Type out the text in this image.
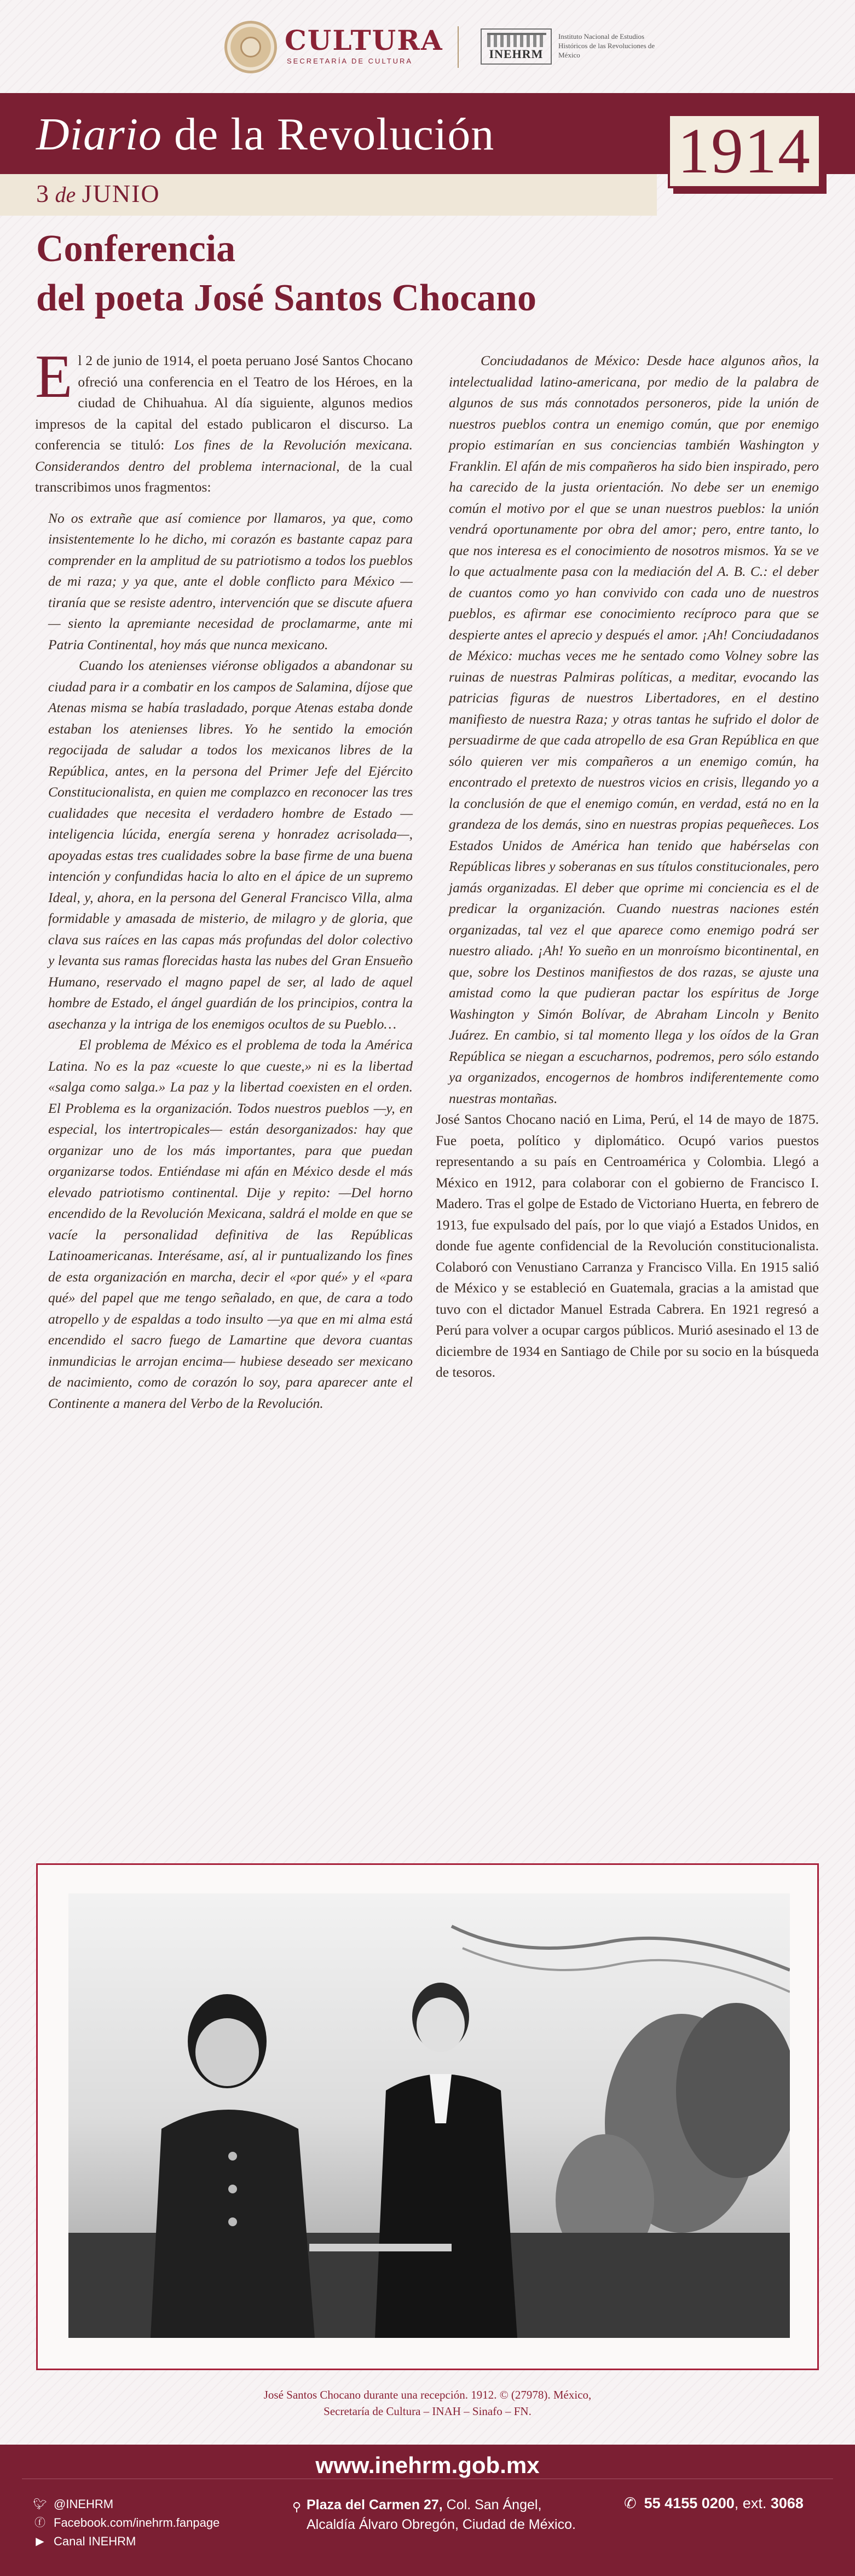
CULTURA
SECRETARÍA DE CULTURA
INEHRM
Instituto Nacional de Estudios Históricos de las Revoluciones de México
Diario de la Revolución
3 de JUNIO
1914
Conferencia
del poeta José Santos Chocano

El 2 de junio de 1914, el poeta peruano José Santos Chocano ofreció una conferencia en el Teatro de los Héroes, en la ciudad de Chihuahua. Al día siguiente, algunos medios impresos de la capital del estado publicaron el discurso. La conferencia se tituló: Los fines de la Revolución mexicana. Considerandos dentro del problema internacional, de la cual transcribimos unos fragmentos:

No os extrañe que así comience por llamaros, ya que, como insistentemente lo he dicho, mi corazón es bastante capaz para comprender en la amplitud de su patriotismo a todos los pueblos de mi raza; y ya que, ante el doble conflicto para México —tiranía que se resiste adentro, intervención que se discute afuera— siento la apremiante necesidad de proclamarme, ante mi Patria Continental, hoy más que nunca mexicano.

Cuando los atenienses viéronse obligados a abandonar su ciudad para ir a combatir en los campos de Salamina, díjose que Atenas misma se había trasladado, porque Atenas estaba donde estaban los atenienses libres. Yo he sentido la emoción regocijada de saludar a todos los mexicanos libres de la República, antes, en la persona del Primer Jefe del Ejército Constitucionalista, en quien me complazco en reconocer las tres cualidades que necesita el verdadero hombre de Estado —inteligencia lúcida, energía serena y honradez acrisolada—, apoyadas estas tres cualidades sobre la base firme de una buena intención y confundidas hacia lo alto en el ápice de un supremo Ideal, y, ahora, en la persona del General Francisco Villa, alma formidable y amasada de misterio, de milagro y de gloria, que clava sus raíces en las capas más profundas del dolor colectivo y levanta sus ramas florecidas hasta las nubes del Gran Ensueño Humano, reservado el magno papel de ser, al lado de aquel hombre de Estado, el ángel guardián de los principios, contra la asechanza y la intriga de los enemigos ocultos de su Pueblo…

El problema de México es el problema de toda la América Latina. No es la paz «cueste lo que cueste,» ni es la libertad «salga como salga.» La paz y la libertad coexisten en el orden. El Problema es la organización. Todos nuestros pueblos —y, en especial, los intertropicales— están desorganizados: hay que organizar uno de los más importantes, para que puedan organizarse todos. Entiéndase mi afán en México desde el más elevado patriotismo continental. Dije y repito: —Del horno encendido de la Revolución Mexicana, saldrá el molde en que se vacíe la personalidad definitiva de las Repúblicas Latinoamericanas. Interésame, así, al ir puntualizando los fines de esta organización en marcha, decir el «por qué» y el «para qué» del papel que me tengo señalado, en que, de cara a todo atropello y de espaldas a todo insulto —ya que en mi alma está encendido el sacro fuego de Lamartine que devora cuantas inmundicias le arrojan encima— hubiese deseado ser mexicano de nacimiento, como de corazón lo soy, para aparecer ante el Continente a manera del Verbo de la Revolución.

Conciudadanos de México: Desde hace algunos años, la intelectualidad latino-americana, por medio de la palabra de algunos de sus más connotados personeros, pide la unión de nuestros pueblos contra un enemigo común, que por enemigo propio estimarían en sus conciencias también Washington y Franklin. El afán de mis compañeros ha sido bien inspirado, pero ha carecido de la justa orientación. No debe ser un enemigo común el motivo por el que se unan nuestros pueblos: la unión vendrá oportunamente por obra del amor; pero, entre tanto, lo que nos interesa es el conocimiento de nosotros mismos. Ya se ve lo que actualmente pasa con la mediación del A. B. C.: el deber de cuantos como yo han convivido con cada uno de nuestros pueblos, es afirmar ese conocimiento recíproco para que se despierte antes el aprecio y después el amor. ¡Ah! Conciudadanos de México: muchas veces me he sentado como Volney sobre las ruinas de nuestras Palmiras políticas, a meditar, evocando las patricias figuras de nuestros Libertadores, en el destino manifiesto de nuestra Raza; y otras tantas he sufrido el dolor de persuadirme de que cada atropello de esa Gran República en que sólo quieren ver mis compañeros a un enemigo común, ha encontrado el pretexto de nuestros vicios en crisis, llegando yo a la conclusión de que el enemigo común, en verdad, está no en la grandeza de los demás, sino en nuestras propias pequeñeces. Los Estados Unidos de América han tenido que habérselas con Repúblicas libres y soberanas en sus títulos constitucionales, pero jamás organizadas. El deber que oprime mi conciencia es el de predicar la organización. Cuando nuestras naciones estén organizadas, tal vez el que aparece como enemigo podrá ser nuestro aliado. ¡Ah! Yo sueño en un monroísmo bicontinental, en que, sobre los Destinos manifiestos de dos razas, se ajuste una amistad como la que pudieran pactar los espíritus de Jorge Washington y Simón Bolívar, de Abraham Lincoln y Benito Juárez. En cambio, si tal momento llega y los oídos de la Gran República se niegan a escucharnos, podremos, pero sólo estando ya organizados, encogernos de hombros indiferentemente como nuestras montañas.

José Santos Chocano nació en Lima, Perú, el 14 de mayo de 1875. Fue poeta, político y diplomático. Ocupó varios puestos representando a su país en Centroamérica y Colombia. Llegó a México en 1912, para colaborar con el gobierno de Francisco I. Madero. Tras el golpe de Estado de Victoriano Huerta, en febrero de 1913, fue expulsado del país, por lo que viajó a Estados Unidos, en donde fue agente confidencial de la Revolución constitucionalista. Colaboró con Venustiano Carranza y Francisco Villa. En 1915 salió de México y se estableció en Guatemala, gracias a la amistad que tuvo con el dictador Manuel Estrada Cabrera. En 1921 regresó a Perú para volver a ocupar cargos públicos. Murió asesinado el 13 de diciembre de 1934 en Santiago de Chile por su socio en la búsqueda de tesoros.

José Santos Chocano durante una recepción. 1912. © (27978). México,
Secretaría de Cultura – INAH – Sinafo – FN.
www.inehrm.gob.mx
🐦︎ @INEHRM
ⓕ Facebook.com/inehrm.fanpage
▶ Canal INEHRM
⚲ Plaza del Carmen 27, Col. San Ángel,
Alcaldía Álvaro Obregón, Ciudad de México.
✆ 55 4155 0200, ext. 3068
